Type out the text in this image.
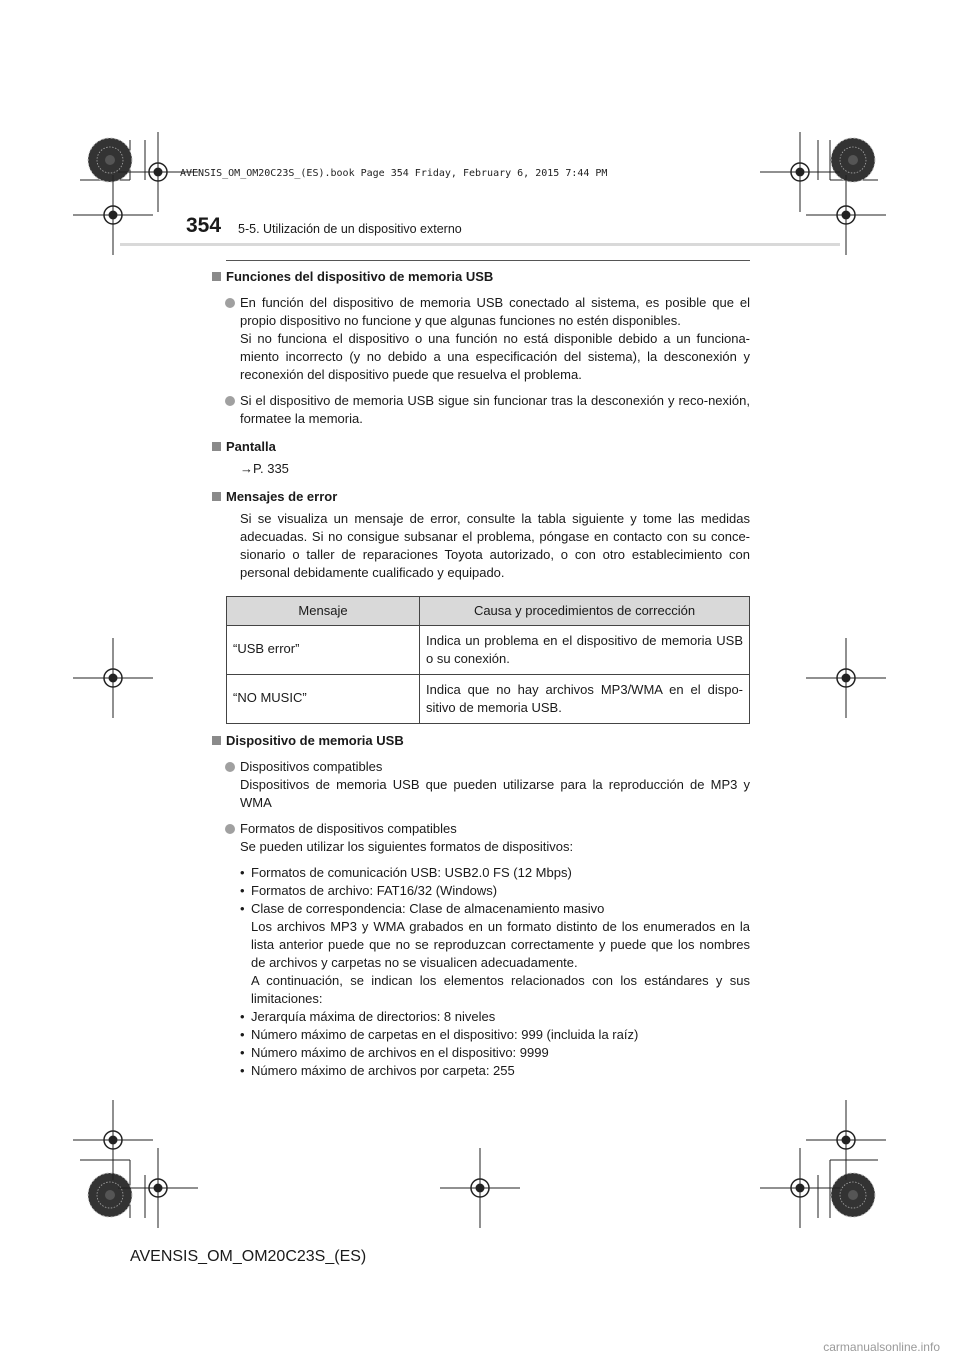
AVENSIS_OM_OM20C23S_(ES).book Page 354 Friday, February 6, 2015 7:44 PM
354 5-5. Utilización de un dispositivo externo
Funciones del dispositivo de memoria USB
En función del dispositivo de memoria USB conectado al sistema, es posible que el propio dispositivo no funcione y que algunas funciones no estén disponibles.
Si no funciona el dispositivo o una función no está disponible debido a un funciona-miento incorrecto (y no debido a una especificación del sistema), la desconexión y reconexión del dispositivo puede que resuelva el problema.
Si el dispositivo de memoria USB sigue sin funcionar tras la desconexión y reco-nexión, formatee la memoria.
Pantalla
→P. 335
Mensajes de error
Si se visualiza un mensaje de error, consulte la tabla siguiente y tome las medidas adecuadas. Si no consigue subsanar el problema, póngase en contacto con su conce-sionario o taller de reparaciones Toyota autorizado, o con otro establecimiento con personal debidamente cualificado y equipado.
Mensaje	Causa y procedimientos de corrección
“USB error”	Indica un problema en el dispositivo de memoria USB o su conexión.
“NO MUSIC”	Indica que no hay archivos MP3/WMA en el dispo-sitivo de memoria USB.
Dispositivo de memoria USB
Dispositivos compatibles
Dispositivos de memoria USB que pueden utilizarse para la reproducción de MP3 y WMA
Formatos de dispositivos compatibles
Se pueden utilizar los siguientes formatos de dispositivos:
• Formatos de comunicación USB: USB2.0 FS (12 Mbps)
• Formatos de archivo: FAT16/32 (Windows)
• Clase de correspondencia: Clase de almacenamiento masivo
Los archivos MP3 y WMA grabados en un formato distinto de los enumerados en la lista anterior puede que no se reproduzcan correctamente y puede que los nombres de archivos y carpetas no se visualicen adecuadamente.
A continuación, se indican los elementos relacionados con los estándares y sus limitaciones:
• Jerarquía máxima de directorios: 8 niveles
• Número máximo de carpetas en el dispositivo: 999 (incluida la raíz)
• Número máximo de archivos en el dispositivo: 9999
• Número máximo de archivos por carpeta: 255
AVENSIS_OM_OM20C23S_(ES)
carmanualsonline.info
